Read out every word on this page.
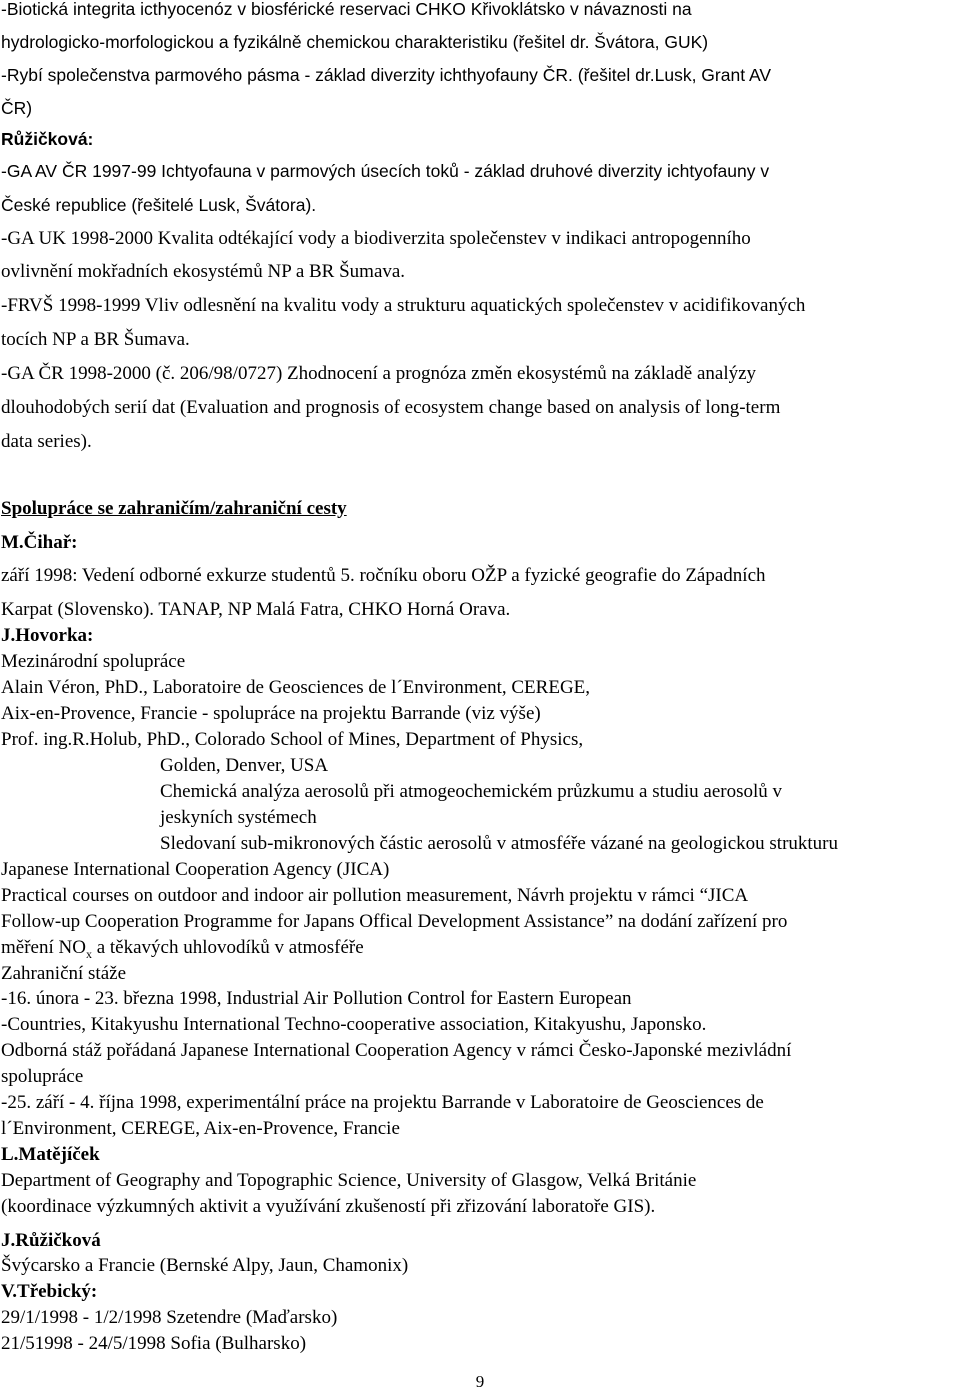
-Biotická integrita icthyocenóz v biosférické reservaci CHKO Křivoklátsko v návaznosti na
hydrologicko-morfologickou a fyzikálně chemickou charakteristiku (řešitel dr. Švátora, GUK)
-Rybí společenstva parmového pásma - základ diverzity ichthyofauny ČR. (řešitel dr.Lusk, Grant AV
ČR)
Růžičková:
-GA AV ČR 1997-99 Ichtyofauna v parmových úsecích toků - základ druhové diverzity ichtyofauny v
České republice (řešitelé Lusk, Švátora).
-GA UK 1998-2000 Kvalita odtékající vody a biodiverzita společenstev v indikaci antropogenního
ovlivnění mokřadních ekosystémů NP a BR Šumava.
-FRVŠ 1998-1999 Vliv odlesnění na kvalitu vody a strukturu aquatických společenstev v acidifikovaných
tocích NP a BR Šumava.
-GA ČR 1998-2000 (č. 206/98/0727) Zhodnocení a prognóza změn ekosystémů na základě analýzy
dlouhodobých serií dat (Evaluation and prognosis of ecosystem change based on analysis of long-term
data series).
Spolupráce se zahraničím/zahraniční cesty
M.Čihař:
září 1998: Vedení odborné exkurze studentů 5. ročníku oboru OŽP a fyzické geografie do Západních
Karpat (Slovensko). TANAP, NP Malá Fatra, CHKO Horná Orava.
J.Hovorka:
Mezinárodní spolupráce
Alain Véron, PhD., Laboratoire de Geosciences de l´Environment, CEREGE,
Aix-en-Provence, Francie - spolupráce na projektu Barrande (viz výše)
Prof. ing.R.Holub, PhD., Colorado School of Mines, Department of Physics,
Golden, Denver, USA
Chemická analýza aerosolů při atmogeochemickém průzkumu a studiu aerosolů v
jeskyních systémech
Sledovaní sub-mikronových částic aerosolů v atmosféře vázané na geologickou strukturu
Japanese International Cooperation Agency (JICA)
Practical courses on outdoor and indoor air pollution measurement, Návrh projektu v rámci “JICA
Follow-up Cooperation Programme for Japans Offical Development Assistance” na dodání zařízení pro
měření $NO_x$ a těkavých uhlovodíků v atmosféře
Zahraniční stáže
-16. února - 23. března 1998, Industrial Air Pollution Control for Eastern European
-Countries, Kitakyushu International Techno-cooperative association, Kitakyushu, Japonsko.
Odborná stáž pořádaná Japanese International Cooperation Agency v rámci Česko-Japonské mezivládní
spolupráce
-25. září - 4. října 1998, experimentální práce na projektu Barrande v Laboratoire de Geosciences de
l´Environment, CEREGE, Aix-en-Provence, Francie
L.Matějíček
Department of Geography and Topographic Science, University of Glasgow, Velká Británie
(koordinace výzkumných aktivit a využívání zkušeností při zřizování laboratoře GIS).
J.Růžičková
Švýcarsko a Francie (Bernské Alpy, Jaun, Chamonix)
V.Třebický:
29/1/1998 - 1/2/1998 Szetendre (Maďarsko)
21/51998 - 24/5/1998 Sofia (Bulharsko)
9
